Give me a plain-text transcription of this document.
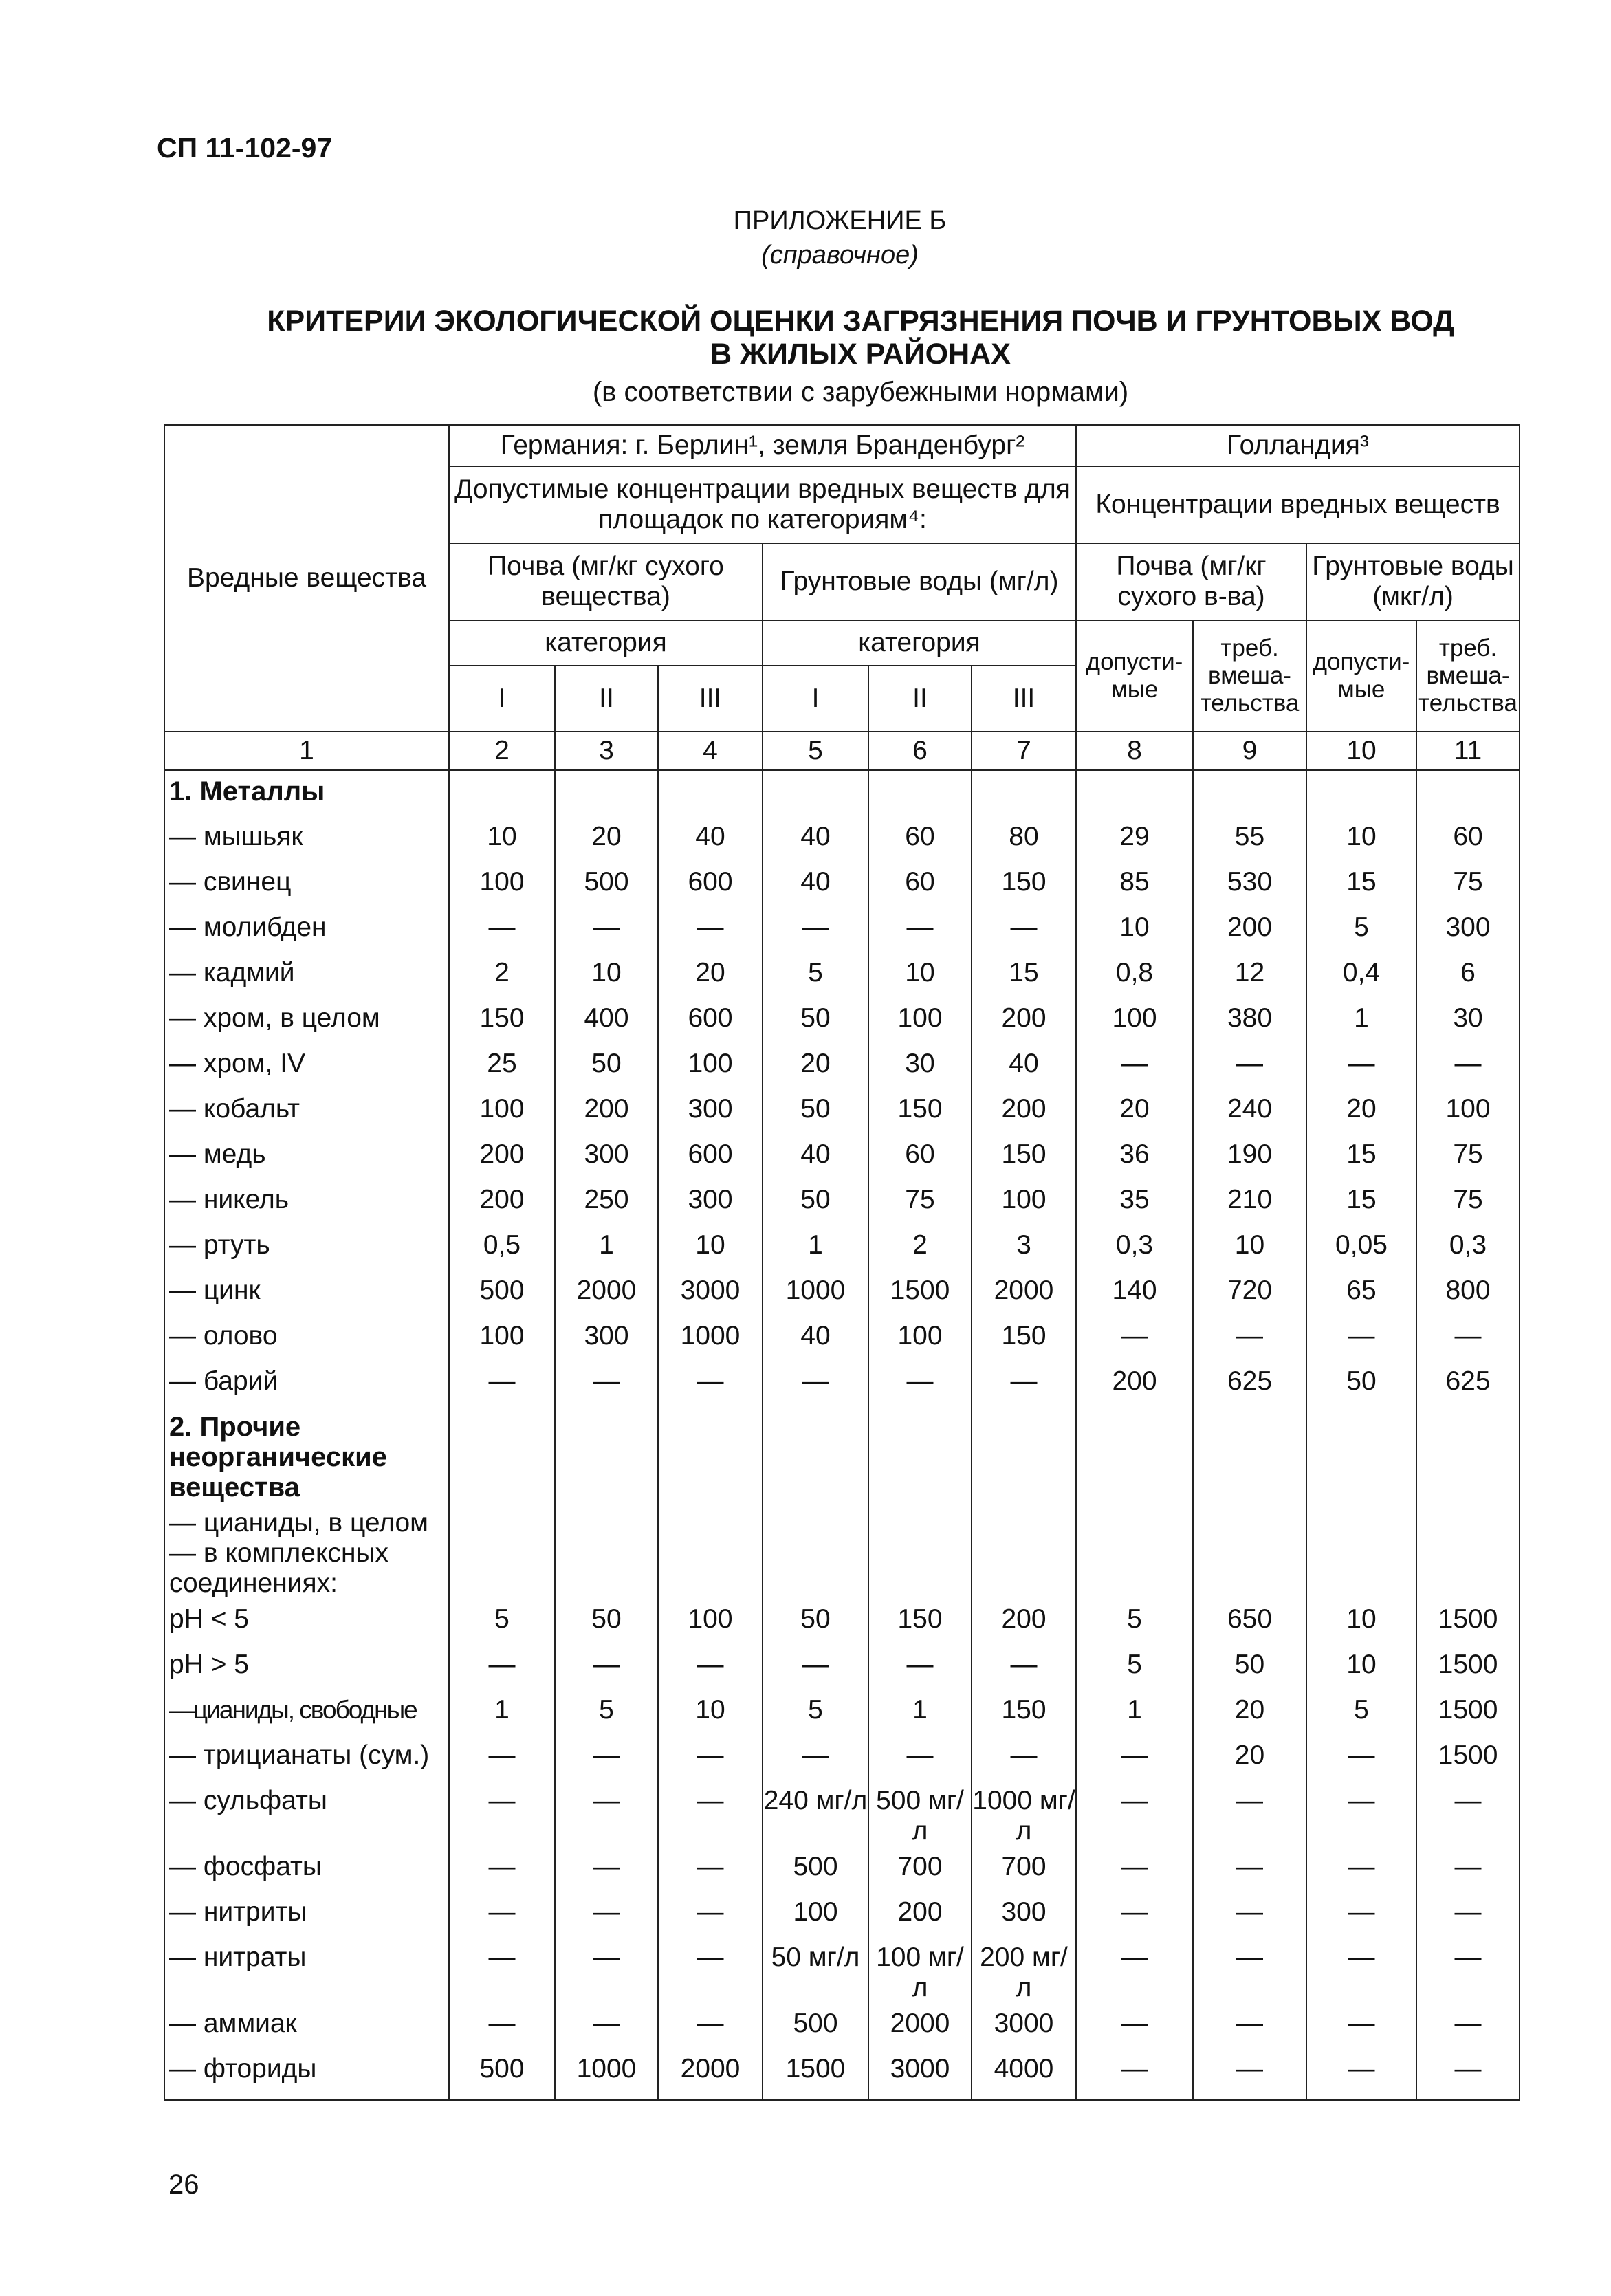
СП 11-102-97
ПРИЛОЖЕНИЕ Б
(справочное)
КРИТЕРИИ ЭКОЛОГИЧЕСКОЙ ОЦЕНКИ ЗАГРЯЗНЕНИЯ ПОЧВ И ГРУНТОВЫХ ВОД
В ЖИЛЫХ РАЙОНАХ
(в соответствии с зарубежными нормами)
Вредные вещества	Германия: г. Берлин¹, земля Бранденбург²						Голландия³			
	Допустимые концентрации вредных веществ для площадок по категориям⁴:						Концентрации вредных веществ			
	Почва (мг/кг сухого вещества)			Грунтовые воды (мг/л)			Почва (мг/кг сухого в-ва)		Грунтовые воды (мкг/л)	
	категория			категория			допусти- мые	треб. вмеша- тельства	допусти- мые	треб. вмеша- тельства
	I	II	III	I	II	III				
1	2	3	4	5	6	7	8	9	10	11
1. Металлы										
— мышьяк	10	20	40	40	60	80	29	55	10	60
— свинец	100	500	600	40	60	150	85	530	15	75
— молибден	—	—	—	—	—	—	10	200	5	300
— кадмий	2	10	20	5	10	15	0,8	12	0,4	6
— хром, в целом	150	400	600	50	100	200	100	380	1	30
— хром, IV	25	50	100	20	30	40	—	—	—	—
— кобальт	100	200	300	50	150	200	20	240	20	100
— медь	200	300	600	40	60	150	36	190	15	75
— никель	200	250	300	50	75	100	35	210	15	75
— ртуть	0,5	1	10	1	2	3	0,3	10	0,05	0,3
— цинк	500	2000	3000	1000	1500	2000	140	720	65	800
— олово	100	300	1000	40	100	150	—	—	—	—
— барий	—	—	—	—	—	—	200	625	50	625
2. Прочие неорганические вещества										
— цианиды, в целом — в комплексных соединениях:										
pH < 5	5	50	100	50	150	200	5	650	10	1500
pH > 5	—	—	—	—	—	—	5	50	10	1500
—цианиды, свободные	1	5	10	5	1	150	1	20	5	1500
— трицианаты (сум.)	—	—	—	—	—	—	—	20	—	1500
— сульфаты	—	—	—	240 мг/л	500 мг/л	1000 мг/л	—	—	—	—
— фосфаты	—	—	—	500	700	700	—	—	—	—
— нитриты	—	—	—	100	200	300	—	—	—	—
— нитраты	—	—	—	50 мг/л	100 мг/л	200 мг/л	—	—	—	—
— аммиак	—	—	—	500	2000	3000	—	—	—	—
— фториды	500	1000	2000	1500	3000	4000	—	—	—	—
26
